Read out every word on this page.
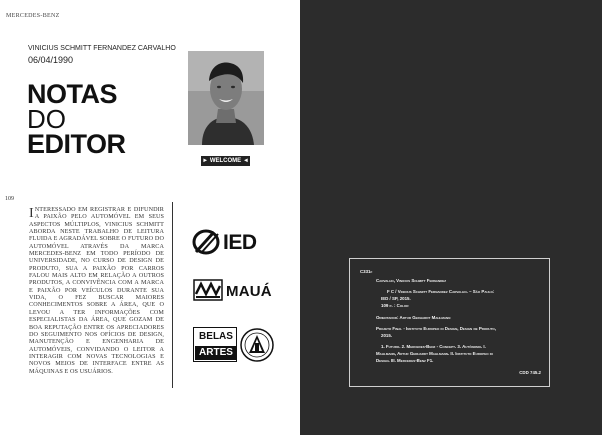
MERCEDES-BENZ
VINICIUS SCHMITT FERNANDEZ CARVALHO
06/04/1990
NOTAS
DO
EDITOR
► WELCOME ◄
109
INTERESSADO EM REGISTRAR E DIFUNDIR A PAIXÃO PELO AUTOMÓVEL EM SEUS ASPECTOS MÚLTIPLOS, VINICIUS SCHMITT ABORDA NESTE TRABALHO DE LEITURA FLUIDA E AGRADÁVEL SOBRE O FUTURO DO AUTOMÓVEL ATRAVÉS DA MARCA MERCEDES-BENZ EM TODO PERÍODO DE UNIVERSIDADE, NO CURSO DE DESIGN DE PRODUTO, SUA A PAIXÃO POR CARROS FALOU MAIS ALTO EM RELAÇÃO A OUTROS PRODUTOS, A CONVIVÊNCIA COM A MARCA E PAIXÃO POR VEÍCULOS DURANTE SUA VIDA, O FEZ BUSCAR MAIORES CONHECIMENTOS SOBRE A ÁREA, QUE O LEVOU A TER INFORMAÇÕES COM ESPECIALISTAS DA ÁREA, QUE GOZAM DE BOA REPUTAÇÃO ENTRE OS APRECIADORES DO SEGUIMENTO NOS OFÍCIOS DE DESIGN, MANUTENÇÃO E ENGENHARIA DE AUTOMÓVEIS, CONVIDANDO O LEITOR A INTERAGIR COM NOVAS TECNOLOGIAS E NOVOS MEIOS DE INTERFACE ENTRE AS MÁQUINAS E OS USUÁRIOS.
IED
MAUÁ
BELAS
ARTES
C331f
Carvalho, Vinicius Schmitt Fernandez
F C / Vinicius Schmitt Fernandez Carvalho. – São Paulo:
IED / SP, 2015.
109 p. : Color
Orientador: Artur Gerhardt Mahlmann
Projeto Final - Instituto Europeo di Design, Design de Produto,
2015.
1. Futuro. 2. Mercedes-Benz - Concept. 3. Autônomo. I.
Mahlmann, Artur Gerhardt Mahlmann. II. Instituto Europeo di
Design. III. Mercedes-Benz F1.
CDD 745.2
